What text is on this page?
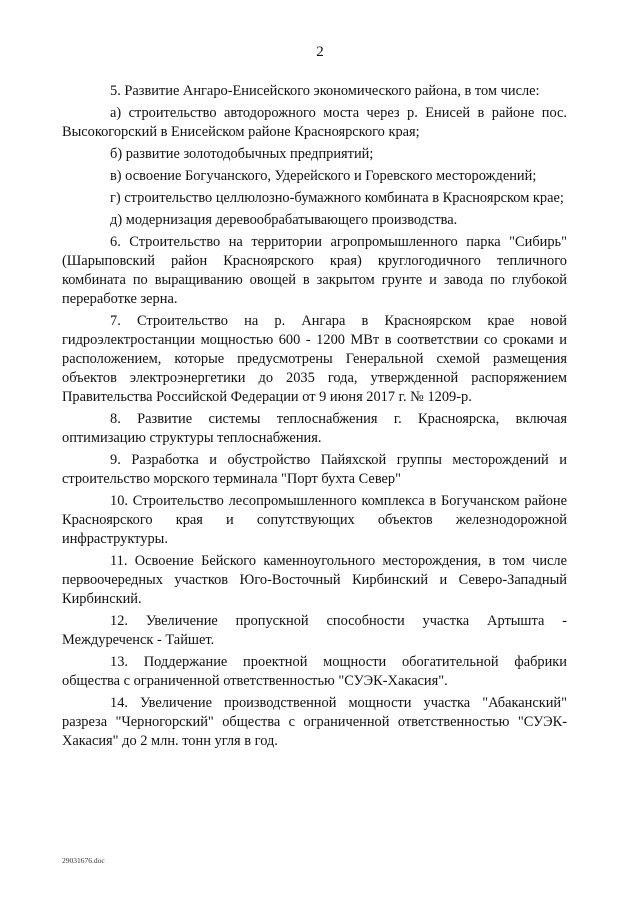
2

5. Развитие Ангаро-Енисейского экономического района, в том числе:

а) строительство автодорожного моста через р. Енисей в районе пос. Высокогорский в Енисейском районе Красноярского края;

б) развитие золотодобычных предприятий;

в) освоение Богучанского, Удерейского и Горевского месторождений;

г) строительство целлюлозно-бумажного комбината в Красноярском крае;

д) модернизация деревообрабатывающего производства.

6. Строительство на территории агропромышленного парка "Сибирь" (Шарыповский район Красноярского края) круглогодичного тепличного комбината по выращиванию овощей в закрытом грунте и завода по глубокой переработке зерна.

7. Строительство на р. Ангара в Красноярском крае новой гидроэлектростанции мощностью 600 - 1200 МВт в соответствии со сроками и расположением, которые предусмотрены Генеральной схемой размещения объектов электроэнергетики до 2035 года, утвержденной распоряжением Правительства Российской Федерации от 9 июня 2017 г. № 1209-р.

8. Развитие системы теплоснабжения г. Красноярска, включая оптимизацию структуры теплоснабжения.

9. Разработка и обустройство Пайяхской группы месторождений и строительство морского терминала "Порт бухта Север"

10. Строительство лесопромышленного комплекса в Богучанском районе Красноярского края и сопутствующих объектов железнодорожной инфраструктуры.

11. Освоение Бейского каменноугольного месторождения, в том числе первоочередных участков Юго-Восточный Кирбинский и Северо-Западный Кирбинский.

12. Увеличение пропускной способности участка Артышта - Междуреченск - Тайшет.

13. Поддержание проектной мощности обогатительной фабрики общества с ограниченной ответственностью "СУЭК-Хакасия".

14. Увеличение производственной мощности участка "Абаканский" разреза "Черногорский" общества с ограниченной ответственностью "СУЭК-Хакасия" до 2 млн. тонн угля в год.

29031676.doc
